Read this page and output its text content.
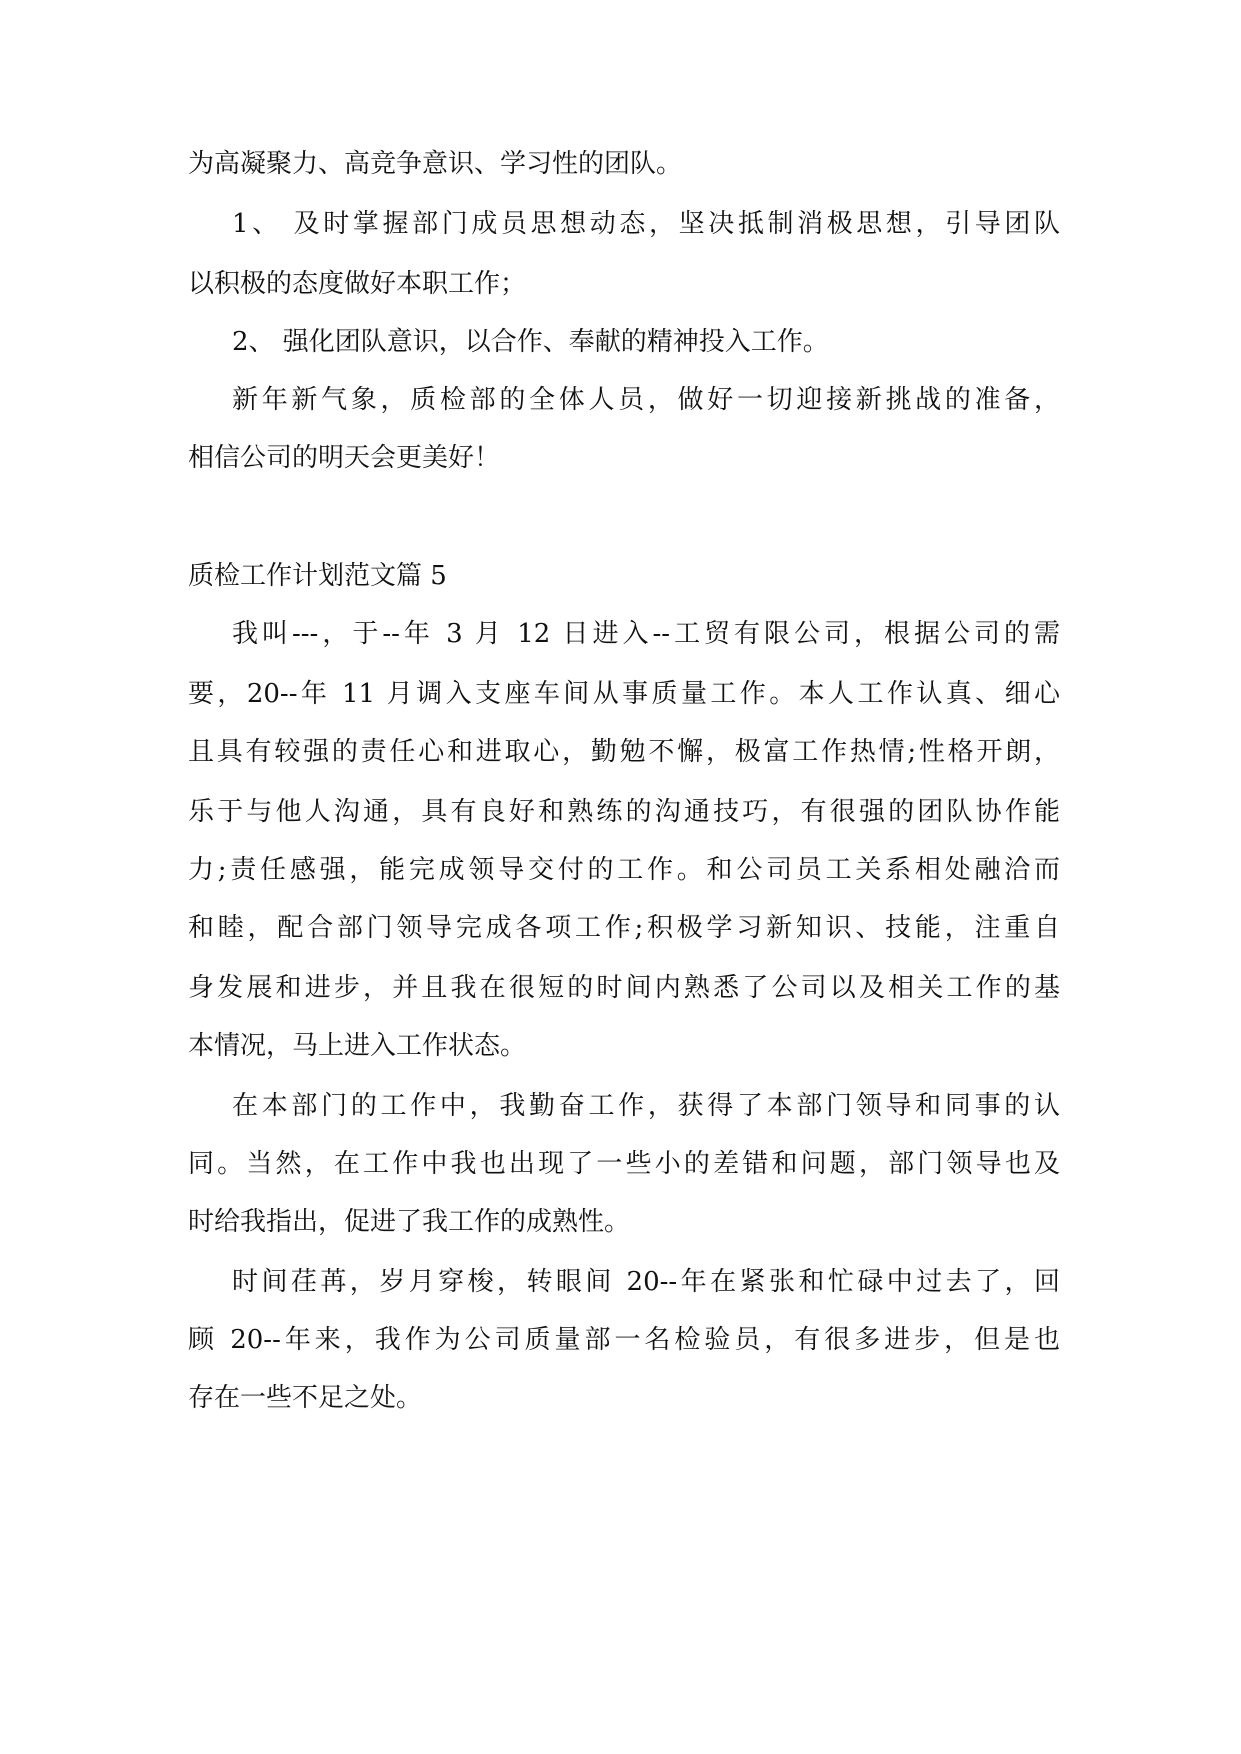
为高凝聚力、高竞争意识、学习性的团队。
1、 及时掌握部门成员思想动态，坚决抵制消极思想，引导团队
以积极的态度做好本职工作；
2、 强化团队意识，以合作、奉献的精神投入工作。
新年新气象，质检部的全体人员，做好一切迎接新挑战的准备，
相信公司的明天会更美好！
质检工作计划范文篇 5
我叫---，于--年 3 月 12 日进入--工贸有限公司，根据公司的需
要，20--年 11 月调入支座车间从事质量工作。本人工作认真、细心
且具有较强的责任心和进取心，勤勉不懈，极富工作热情;性格开朗，
乐于与他人沟通，具有良好和熟练的沟通技巧，有很强的团队协作能
力;责任感强，能完成领导交付的工作。和公司员工关系相处融洽而
和睦，配合部门领导完成各项工作;积极学习新知识、技能，注重自
身发展和进步，并且我在很短的时间内熟悉了公司以及相关工作的基
本情况，马上进入工作状态。
在本部门的工作中，我勤奋工作，获得了本部门领导和同事的认
同。当然，在工作中我也出现了一些小的差错和问题，部门领导也及
时给我指出，促进了我工作的成熟性。
时间荏苒，岁月穿梭，转眼间 20--年在紧张和忙碌中过去了，回
顾 20--年来，我作为公司质量部一名检验员，有很多进步，但是也
存在一些不足之处。
